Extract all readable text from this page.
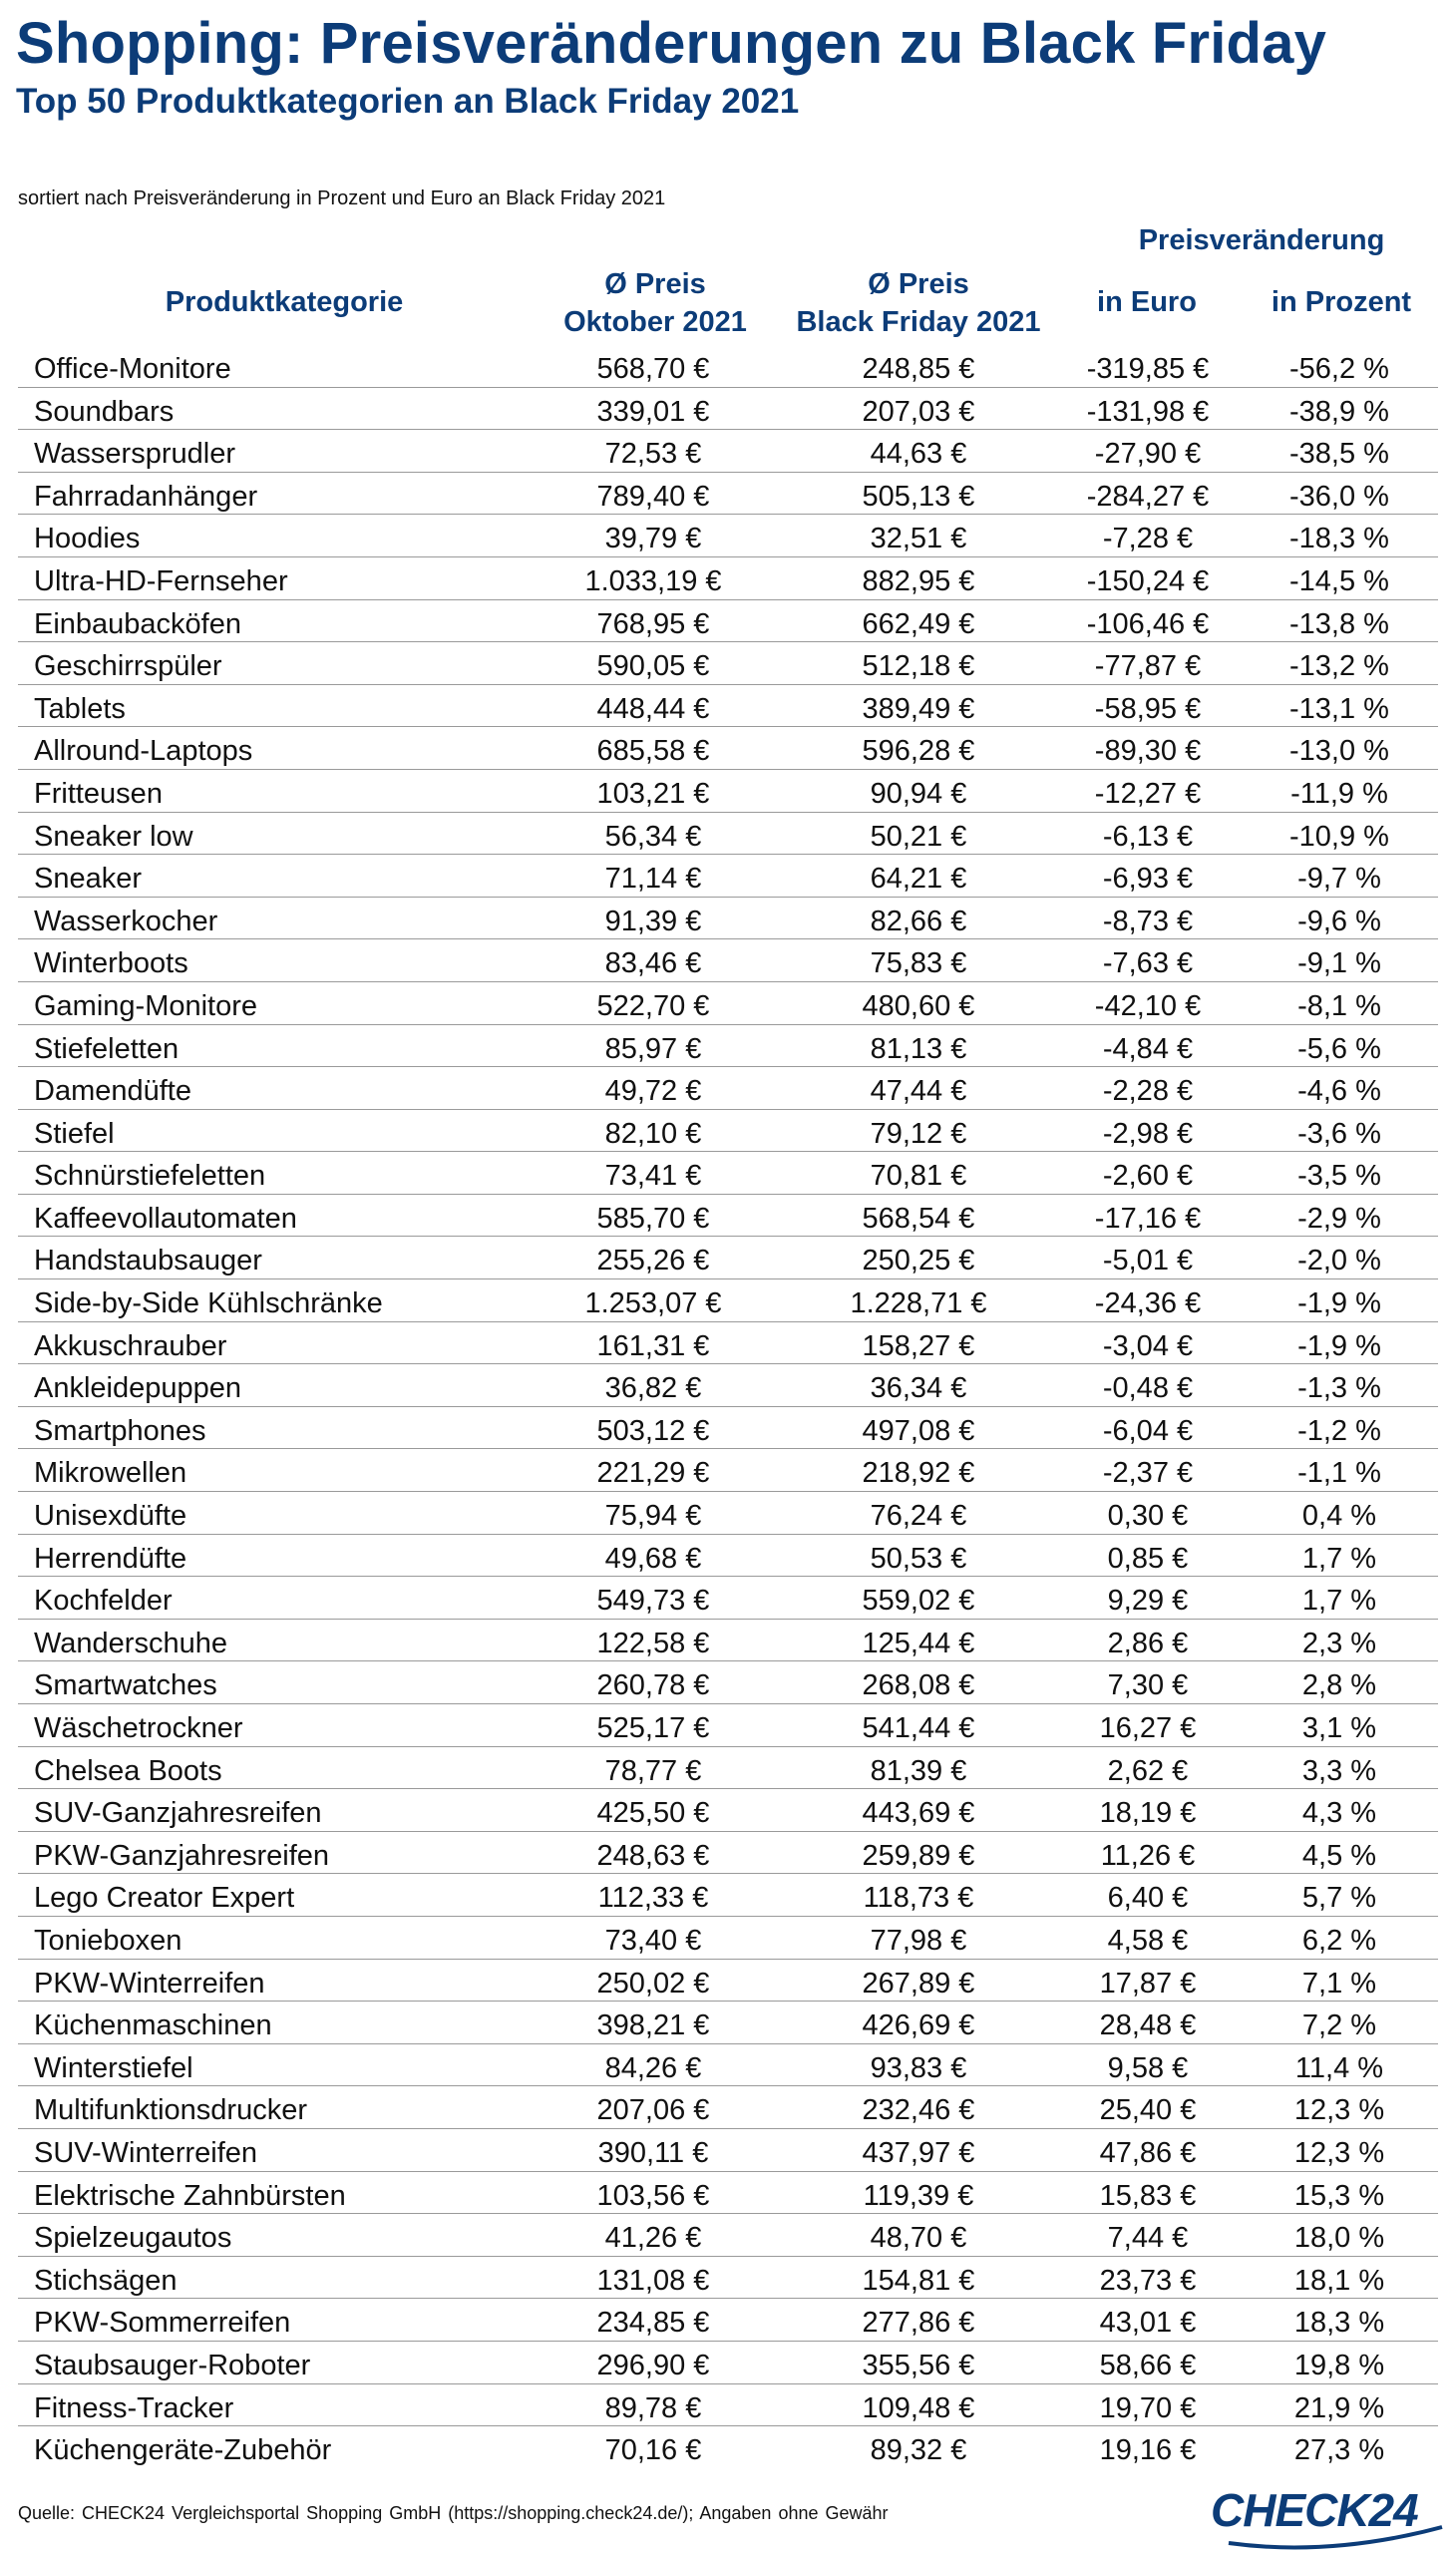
Shopping: Preisveränderungen zu Black Friday
Top 50 Produktkategorien an Black Friday 2021
sortiert nach Preisveränderung in Prozent und Euro an Black Friday 2021
Preisveränderung
Produktkategorie
Ø Preis
Oktober 2021
Ø Preis
Black Friday 2021
in Euro	in Prozent
Office-Monitore	568,70 €	248,85 €	-319,85 €	-56,2 %
Soundbars	339,01 €	207,03 €	-131,98 €	-38,9 %
Wassersprudler	72,53 €	44,63 €	-27,90 €	-38,5 %
Fahrradanhänger	789,40 €	505,13 €	-284,27 €	-36,0 %
Hoodies	39,79 €	32,51 €	-7,28 €	-18,3 %
Ultra-HD-Fernseher	1.033,19 €	882,95 €	-150,24 €	-14,5 %
Einbaubacköfen	768,95 €	662,49 €	-106,46 €	-13,8 %
Geschirrspüler	590,05 €	512,18 €	-77,87 €	-13,2 %
Tablets	448,44 €	389,49 €	-58,95 €	-13,1 %
Allround-Laptops	685,58 €	596,28 €	-89,30 €	-13,0 %
Fritteusen	103,21 €	90,94 €	-12,27 €	-11,9 %
Sneaker low	56,34 €	50,21 €	-6,13 €	-10,9 %
Sneaker	71,14 €	64,21 €	-6,93 €	-9,7 %
Wasserkocher	91,39 €	82,66 €	-8,73 €	-9,6 %
Winterboots	83,46 €	75,83 €	-7,63 €	-9,1 %
Gaming-Monitore	522,70 €	480,60 €	-42,10 €	-8,1 %
Stiefeletten	85,97 €	81,13 €	-4,84 €	-5,6 %
Damendüfte	49,72 €	47,44 €	-2,28 €	-4,6 %
Stiefel	82,10 €	79,12 €	-2,98 €	-3,6 %
Schnürstiefeletten	73,41 €	70,81 €	-2,60 €	-3,5 %
Kaffeevollautomaten	585,70 €	568,54 €	-17,16 €	-2,9 %
Handstaubsauger	255,26 €	250,25 €	-5,01 €	-2,0 %
Side-by-Side Kühlschränke	1.253,07 €	1.228,71 €	-24,36 €	-1,9 %
Akkuschrauber	161,31 €	158,27 €	-3,04 €	-1,9 %
Ankleidepuppen	36,82 €	36,34 €	-0,48 €	-1,3 %
Smartphones	503,12 €	497,08 €	-6,04 €	-1,2 %
Mikrowellen	221,29 €	218,92 €	-2,37 €	-1,1 %
Unisexdüfte	75,94 €	76,24 €	0,30 €	0,4 %
Herrendüfte	49,68 €	50,53 €	0,85 €	1,7 %
Kochfelder	549,73 €	559,02 €	9,29 €	1,7 %
Wanderschuhe	122,58 €	125,44 €	2,86 €	2,3 %
Smartwatches	260,78 €	268,08 €	7,30 €	2,8 %
Wäschetrockner	525,17 €	541,44 €	16,27 €	3,1 %
Chelsea Boots	78,77 €	81,39 €	2,62 €	3,3 %
SUV-Ganzjahresreifen	425,50 €	443,69 €	18,19 €	4,3 %
PKW-Ganzjahresreifen	248,63 €	259,89 €	11,26 €	4,5 %
Lego Creator Expert	112,33 €	118,73 €	6,40 €	5,7 %
Tonieboxen	73,40 €	77,98 €	4,58 €	6,2 %
PKW-Winterreifen	250,02 €	267,89 €	17,87 €	7,1 %
Küchenmaschinen	398,21 €	426,69 €	28,48 €	7,2 %
Winterstiefel	84,26 €	93,83 €	9,58 €	11,4 %
Multifunktionsdrucker	207,06 €	232,46 €	25,40 €	12,3 %
SUV-Winterreifen	390,11 €	437,97 €	47,86 €	12,3 %
Elektrische Zahnbürsten	103,56 €	119,39 €	15,83 €	15,3 %
Spielzeugautos	41,26 €	48,70 €	7,44 €	18,0 %
Stichsägen	131,08 €	154,81 €	23,73 €	18,1 %
PKW-Sommerreifen	234,85 €	277,86 €	43,01 €	18,3 %
Staubsauger-Roboter	296,90 €	355,56 €	58,66 €	19,8 %
Fitness-Tracker	89,78 €	109,48 €	19,70 €	21,9 %
Küchengeräte-Zubehör	70,16 €	89,32 €	19,16 €	27,3 %
Quelle: CHECK24 Vergleichsportal Shopping GmbH (https://shopping.check24.de/); Angaben ohne Gewähr	CHECK24
